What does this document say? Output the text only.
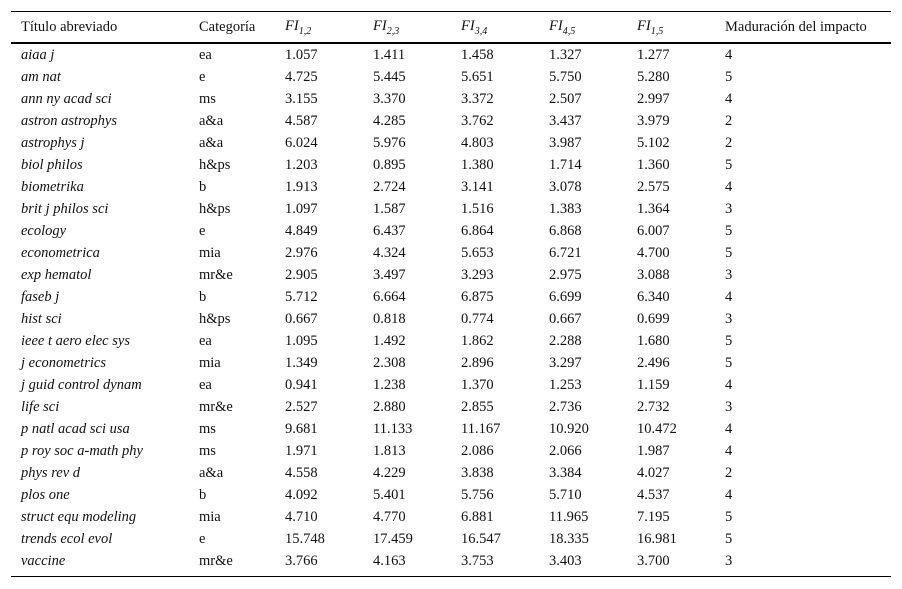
Título abreviado	Categoría	$FI_{1,2}$	$FI_{2,3}$	$FI_{3,4}$	$FI_{4,5}$	$FI_{1,5}$	Maduración del impacto
aiaa j	ea	1.057	1.411	1.458	1.327	1.277	4
am nat	e	4.725	5.445	5.651	5.750	5.280	5
ann ny acad sci	ms	3.155	3.370	3.372	2.507	2.997	4
astron astrophys	a&a	4.587	4.285	3.762	3.437	3.979	2
astrophys j	a&a	6.024	5.976	4.803	3.987	5.102	2
biol philos	h&ps	1.203	0.895	1.380	1.714	1.360	5
biometrika	b	1.913	2.724	3.141	3.078	2.575	4
brit j philos sci	h&ps	1.097	1.587	1.516	1.383	1.364	3
ecology	e	4.849	6.437	6.864	6.868	6.007	5
econometrica	mia	2.976	4.324	5.653	6.721	4.700	5
exp hematol	mr&e	2.905	3.497	3.293	2.975	3.088	3
faseb j	b	5.712	6.664	6.875	6.699	6.340	4
hist sci	h&ps	0.667	0.818	0.774	0.667	0.699	3
ieee t aero elec sys	ea	1.095	1.492	1.862	2.288	1.680	5
j econometrics	mia	1.349	2.308	2.896	3.297	2.496	5
j guid control dynam	ea	0.941	1.238	1.370	1.253	1.159	4
life sci	mr&e	2.527	2.880	2.855	2.736	2.732	3
p natl acad sci usa	ms	9.681	11.133	11.167	10.920	10.472	4
p roy soc a-math phy	ms	1.971	1.813	2.086	2.066	1.987	4
phys rev d	a&a	4.558	4.229	3.838	3.384	4.027	2
plos one	b	4.092	5.401	5.756	5.710	4.537	4
struct equ modeling	mia	4.710	4.770	6.881	11.965	7.195	5
trends ecol evol	e	15.748	17.459	16.547	18.335	16.981	5
vaccine	mr&e	3.766	4.163	3.753	3.403	3.700	3
